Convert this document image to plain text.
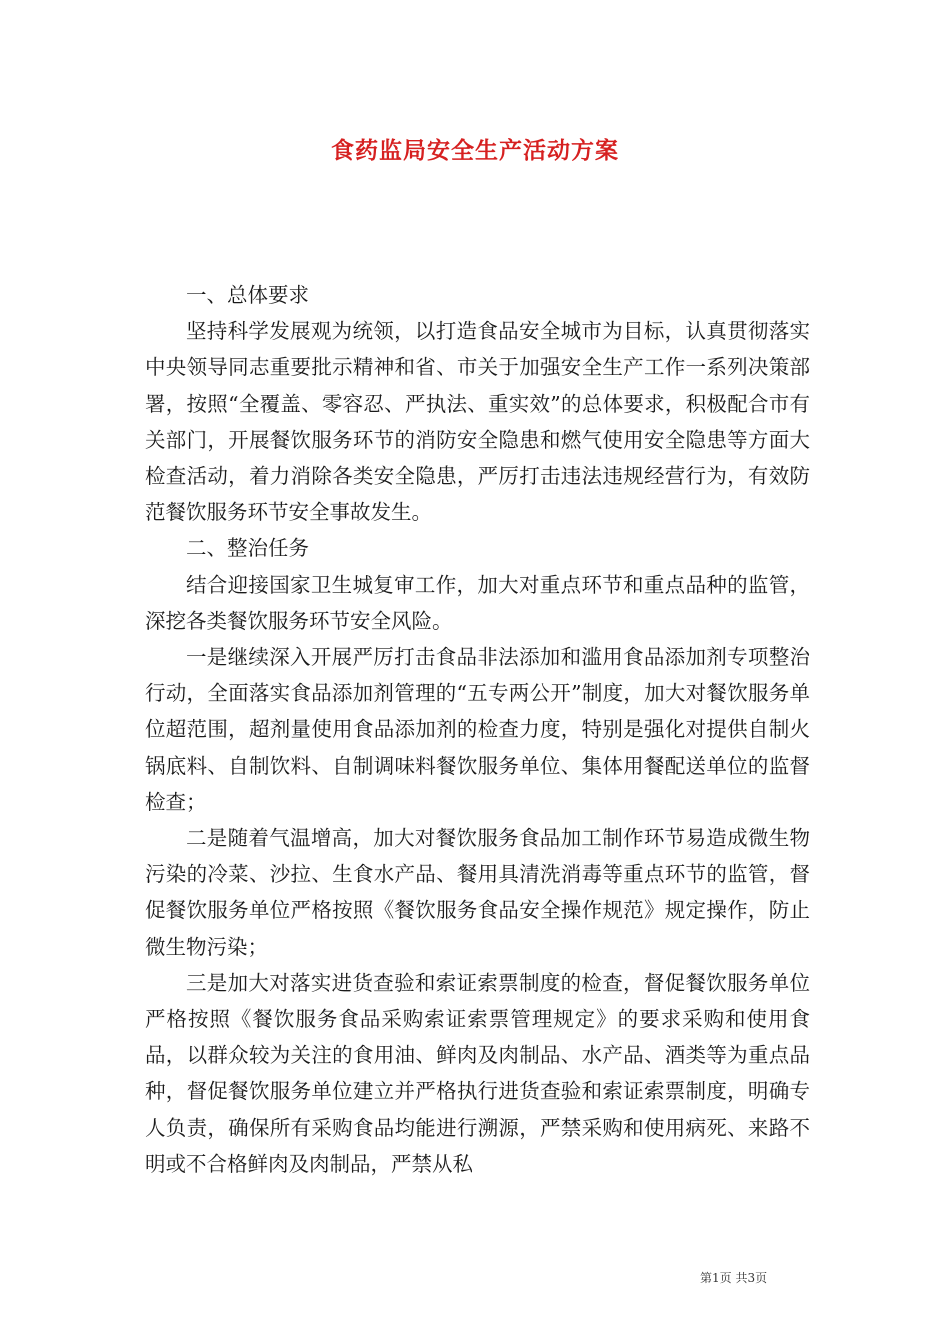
食药监局安全生产活动方案

一、总体要求

坚持科学发展观为统领，以打造食品安全城市为目标，认真贯彻落实中央领导同志重要批示精神和省、市关于加强安全生产工作一系列决策部署，按照“全覆盖、零容忍、严执法、重实效”的总体要求，积极配合市有关部门，开展餐饮服务环节的消防安全隐患和燃气使用安全隐患等方面大检查活动，着力消除各类安全隐患，严厉打击违法违规经营行为，有效防范餐饮服务环节安全事故发生。

二、整治任务

结合迎接国家卫生城复审工作，加大对重点环节和重点品种的监管，深挖各类餐饮服务环节安全风险。

一是继续深入开展严厉打击食品非法添加和滥用食品添加剂专项整治行动，全面落实食品添加剂管理的“五专两公开”制度，加大对餐饮服务单位超范围，超剂量使用食品添加剂的检查力度，特别是强化对提供自制火锅底料、自制饮料、自制调味料餐饮服务单位、集体用餐配送单位的监督检查；

二是随着气温增高，加大对餐饮服务食品加工制作环节易造成微生物污染的冷菜、沙拉、生食水产品、餐用具清洗消毒等重点环节的监管，督促餐饮服务单位严格按照《餐饮服务食品安全操作规范》规定操作，防止微生物污染；

三是加大对落实进货查验和索证索票制度的检查，督促餐饮服务单位严格按照《餐饮服务食品采购索证索票管理规定》的要求采购和使用食品，以群众较为关注的食用油、鲜肉及肉制品、水产品、酒类等为重点品种，督促餐饮服务单位建立并严格执行进货查验和索证索票制度，明确专人负责，确保所有采购食品均能进行溯源，严禁采购和使用病死、来路不明或不合格鲜肉及肉制品，严禁从私

第1页 共3页
